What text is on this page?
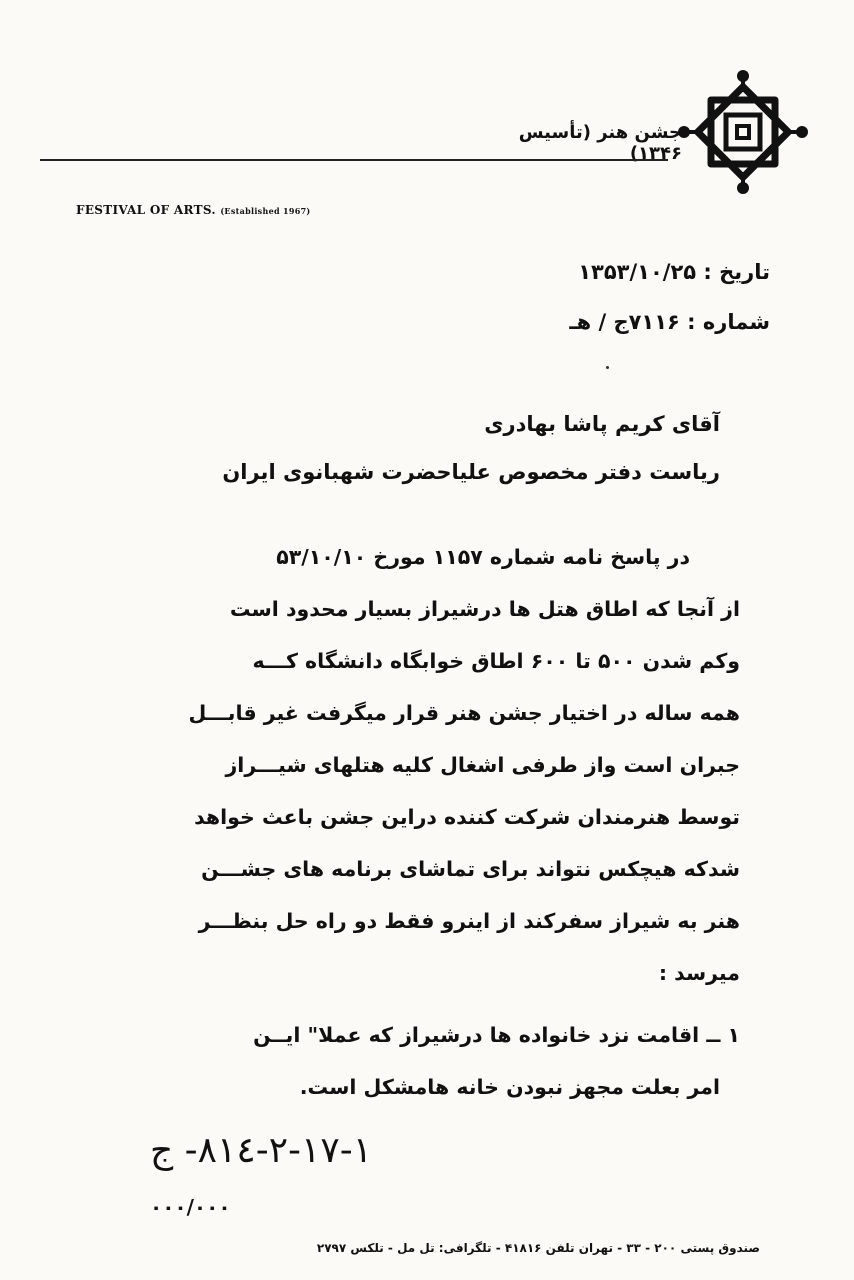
جشن هنر (تأسیس ۱۳۴۶)
FESTIVAL OF ARTS. (Established 1967)
تاریخ : ۱۳۵۳/۱۰/۲۵
شماره : ۷۱۱۶ج / هـ
آقای کریم پاشا بهادری
ریاست دفتر مخصوص علیاحضرت شهبانوی ایران
در پاسخ نامه شماره ۱۱۵۷ مورخ ۵۳/۱۰/۱۰
از آنجا که اطاق هتل ها درشیراز بسیار محدود است
وکم شدن ۵۰۰ تا ۶۰۰ اطاق خوابگاه دانشگاه کـــه
همه ساله در اختیار جشن هنر قرار میگرفت غیر قابـــل
جبران است واز طرفی اشغال کلیه هتلهای شیـــراز
توسط هنرمندان شرکت کننده دراین جشن باعث خواهد
شدکه هیچکس نتواند برای تماشای برنامه های جشـــن
هنر به شیراز سفرکند از اینرو فقط دو راه حل بنظـــر
میرسد :
۱ ــ اقامت نزد خانواده ها درشیراز که عملا" ایــن
امر بعلت مجهز نبودن خانه هامشکل است.
١-١٧-٢-٨١٤- ج
۰۰۰/۰۰۰
صندوق پستی ۲۰۰ - ۳۳ - تهران تلفن ۴۱۸۱۶ - تلگرافی: تل مل - تلکس ۲۷۹۷
